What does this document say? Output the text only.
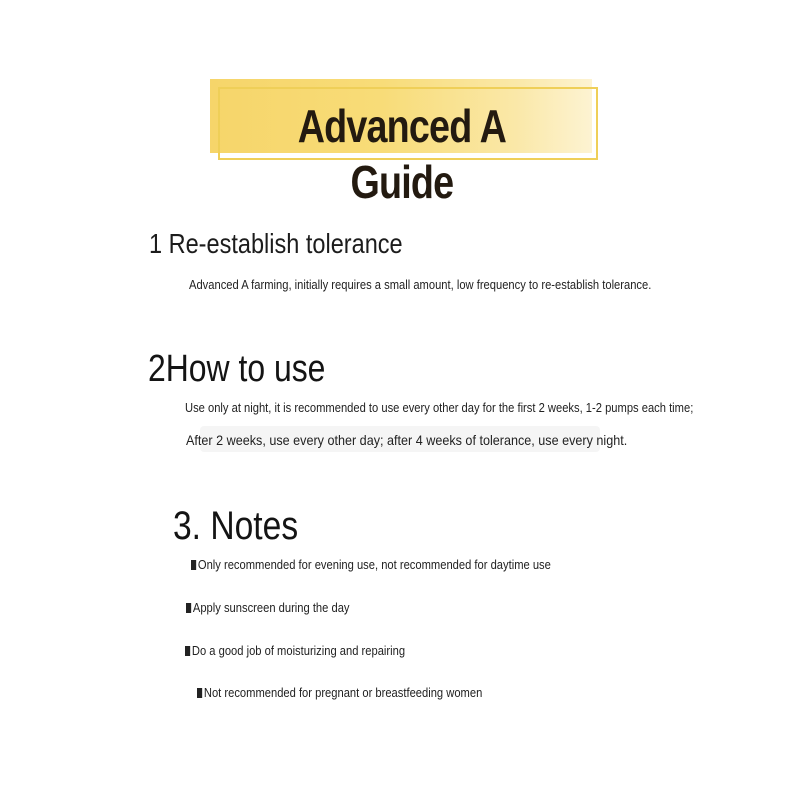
Advanced A Guide
1 Re-establish tolerance
Advanced A farming, initially requires a small amount, low frequency to re-establish tolerance.
2How to use
Use only at night, it is recommended to use every other day for the first 2 weeks, 1-2 pumps each time;
After 2 weeks, use every other day; after 4 weeks of tolerance, use every night.
3. Notes
Only recommended for evening use, not recommended for daytime use
Apply sunscreen during the day
Do a good job of moisturizing and repairing
Not recommended for pregnant or breastfeeding women
